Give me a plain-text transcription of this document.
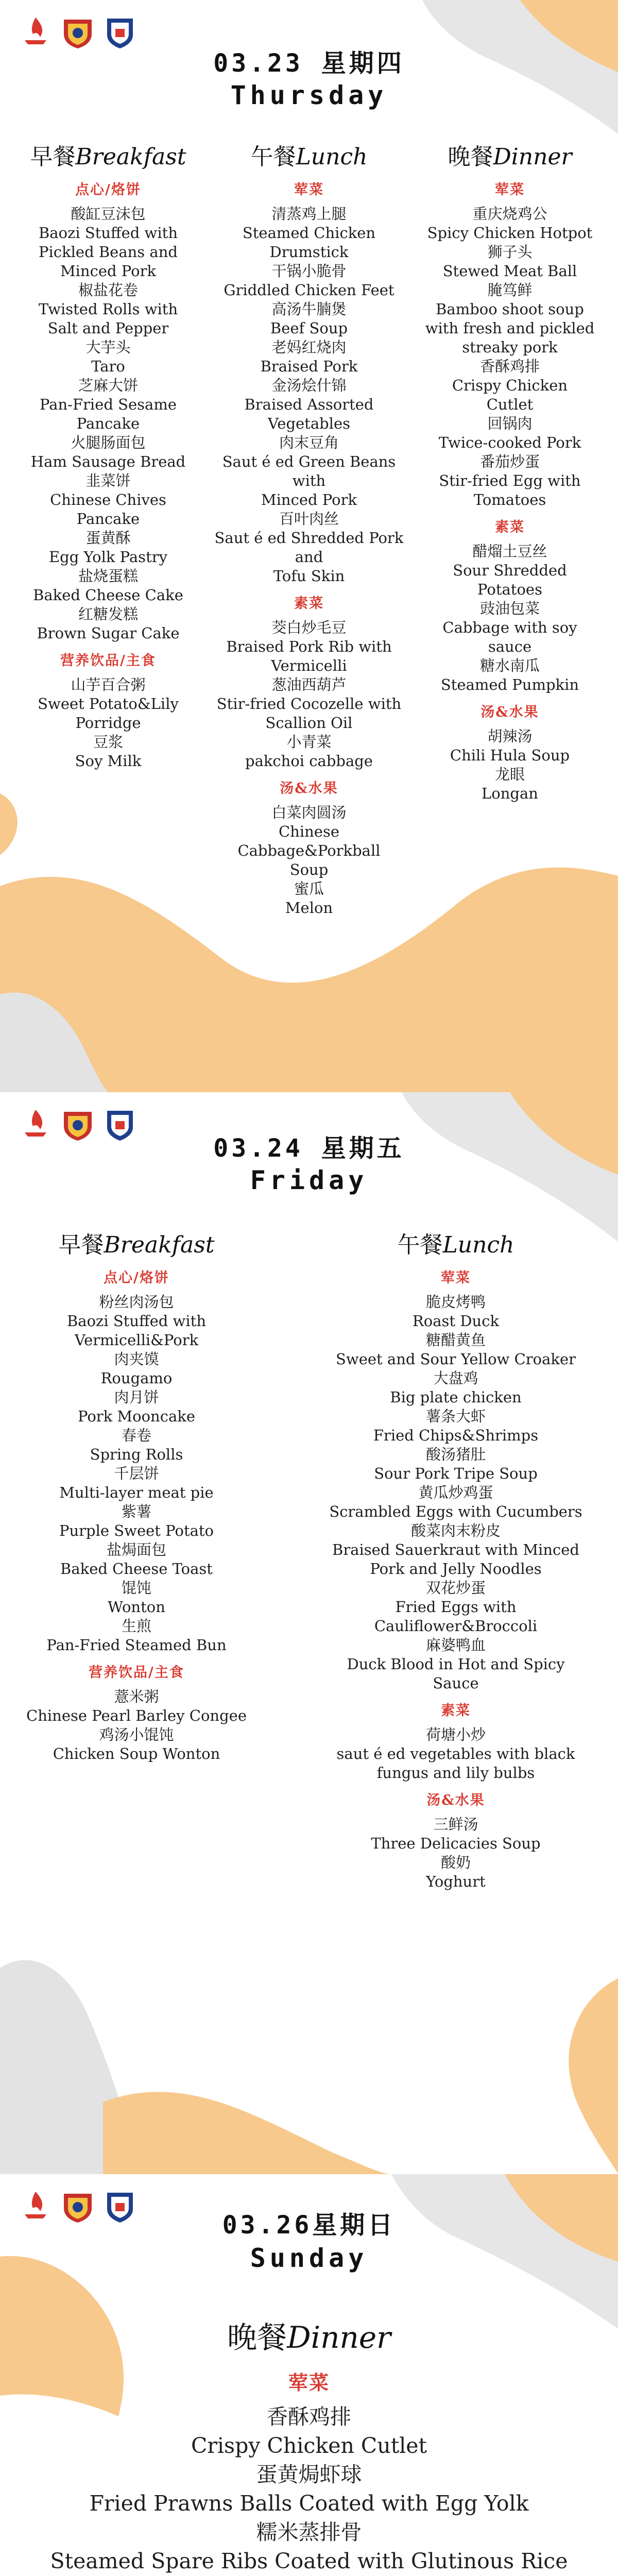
03.23 星期四
Thursday
早餐Breakfast
点心/烙饼
酸缸豆沫包
Baozi Stuffed with
Pickled Beans and
Minced Pork
椒盐花卷
Twisted Rolls with
Salt and Pepper
大芋头
Taro
芝麻大饼
Pan-Fried Sesame
Pancake
火腿肠面包
Ham Sausage Bread
韭菜饼
Chinese Chives
Pancake
蛋黄酥
Egg Yolk Pastry
盐烧蛋糕
Baked Cheese Cake
红糖发糕
Brown Sugar Cake
营养饮品/主食
山芋百合粥
Sweet Potato&Lily
Porridge
豆浆
Soy Milk
午餐Lunch
荤菜
清蒸鸡上腿
Steamed Chicken Drumstick
干锅小脆骨
Griddled Chicken Feet
高汤牛腩煲
Beef Soup
老妈红烧肉
Braised Pork
金汤烩什锦
Braised Assorted Vegetables
肉末豆角
Saut é ed Green Beans with
Minced Pork
百叶肉丝
Saut é ed Shredded Pork and
Tofu Skin
素菜
茭白炒毛豆
Braised Pork Rib with
Vermicelli
葱油西葫芦
Stir-fried Cocozelle with
Scallion Oil
小青菜
pakchoi cabbage
汤&水果
白菜肉圆汤
Chinese
Cabbage&Porkball
Soup
蜜瓜
Melon
晚餐Dinner
荤菜
重庆烧鸡公
Spicy Chicken Hotpot
狮子头
Stewed Meat Ball
腌笃鲜
Bamboo shoot soup
with fresh and pickled
streaky pork
香酥鸡排
Crispy Chicken
Cutlet
回锅肉
Twice-cooked Pork
番茄炒蛋
Stir-fried Egg with
Tomatoes
素菜
醋熘土豆丝
Sour Shredded
Potatoes
豉油包菜
Cabbage with soy
sauce
糖水南瓜
Steamed Pumpkin
汤&水果
胡辣汤
Chili Hula Soup
龙眼
Longan
03.24 星期五
Friday
早餐Breakfast
点心/烙饼
粉丝肉汤包
Baozi Stuffed with
Vermicelli&Pork
肉夹馍
Rougamo
肉月饼
Pork Mooncake
春卷
Spring Rolls
千层饼
Multi-layer meat pie
紫薯
Purple Sweet Potato
盐焗面包
Baked Cheese Toast
馄饨
Wonton
生煎
Pan-Fried Steamed Bun
营养饮品/主食
薏米粥
Chinese Pearl Barley Congee
鸡汤小馄饨
Chicken Soup Wonton
午餐Lunch
荤菜
脆皮烤鸭
Roast Duck
糖醋黄鱼
Sweet and Sour Yellow Croaker
大盘鸡
Big plate chicken
薯条大虾
Fried Chips&Shrimps
酸汤猪肚
Sour Pork Tripe Soup
黄瓜炒鸡蛋
Scrambled Eggs with Cucumbers
酸菜肉末粉皮
Braised Sauerkraut with Minced
Pork and Jelly Noodles
双花炒蛋
Fried Eggs with
Cauliflower&Broccoli
麻婆鸭血
Duck Blood in Hot and Spicy
Sauce
素菜
荷塘小炒
saut é ed vegetables with black
fungus and lily bulbs
汤&水果
三鲜汤
Three Delicacies Soup
酸奶
Yoghurt
03.26星期日
Sunday
晚餐Dinner
荤菜
香酥鸡排
Crispy Chicken Cutlet
蛋黄焗虾球
Fried Prawns Balls Coated with Egg Yolk
糯米蒸排骨
Steamed Spare Ribs Coated with Glutinous Rice
